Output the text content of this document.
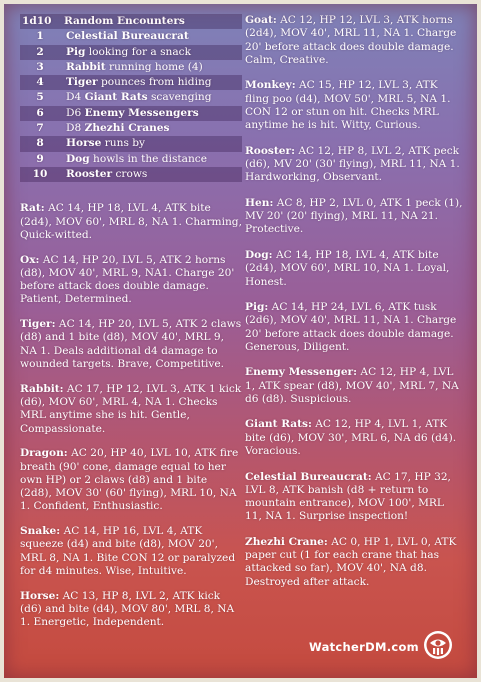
1d10	Random Encounters
1	Celestial Bureaucrat
2	Pig looking for a snack
3	Rabbit running home (4)
4	Tiger pounces from hiding
5	D4 Giant Rats scavenging
6	D6 Enemy Messengers
7	D8 Zhezhi Cranes
8	Horse runs by
9	Dog howls in the distance
10	Rooster crows

Rat: AC 14, HP 18, LVL 4, ATK bite (2d4), MOV 60', MRL 8, NA 1. Charming, Quick-witted.

Ox: AC 14, HP 20, LVL 5, ATK 2 horns (d8), MOV 40', MRL 9, NA1. Charge 20' before attack does double damage. Patient, Determined.

Tiger: AC 14, HP 20, LVL 5, ATK 2 claws (d8) and 1 bite (d8), MOV 40', MRL 9, NA 1. Deals additional d4 damage to wounded targets. Brave, Competitive.

Rabbit: AC 17, HP 12, LVL 3, ATK 1 kick (d6), MOV 60', MRL 4, NA 1. Checks MRL anytime she is hit. Gentle, Compassionate.

Dragon: AC 20, HP 40, LVL 10, ATK fire breath (90' cone, damage equal to her own HP) or 2 claws (d8) and 1 bite (2d8), MOV 30' (60' flying), MRL 10, NA 1. Confident, Enthusiastic.

Snake: AC 14, HP 16, LVL 4, ATK squeeze (d4) and bite (d8), MOV 20', MRL 8, NA 1. Bite CON 12 or paralyzed for d4 minutes. Wise, Intuitive.

Horse: AC 13, HP 8, LVL 2, ATK kick (d6) and bite (d4), MOV 80', MRL 8, NA 1. Energetic, Independent.

Goat: AC 12, HP 12, LVL 3, ATK horns (2d4), MOV 40', MRL 11, NA 1. Charge 20' before attack does double damage. Calm, Creative.

Monkey: AC 15, HP 12, LVL 3, ATK fling poo (d4), MOV 50', MRL 5, NA 1. CON 12 or stun on hit. Checks MRL anytime he is hit. Witty, Curious.

Rooster: AC 12, HP 8, LVL 2, ATK peck (d6), MV 20' (30' flying), MRL 11, NA 1. Hardworking, Observant.

Hen: AC 8, HP 2, LVL 0, ATK 1 peck (1), MV 20' (20' flying), MRL 11, NA 21. Protective.

Dog: AC 14, HP 18, LVL 4, ATK bite (2d4), MOV 60', MRL 10, NA 1. Loyal, Honest.

Pig: AC 14, HP 24, LVL 6, ATK tusk (2d6), MOV 40', MRL 11, NA 1. Charge 20' before attack does double damage. Generous, Diligent.

Enemy Messenger: AC 12, HP 4, LVL 1, ATK spear (d8), MOV 40', MRL 7, NA d6 (d8). Suspicious.

Giant Rats: AC 12, HP 4, LVL 1, ATK bite (d6), MOV 30', MRL 6, NA d6 (d4). Voracious.

Celestial Bureaucrat: AC 17, HP 32, LVL 8, ATK banish (d8 + return to mountain entrance), MOV 100', MRL 11, NA 1. Surprise inspection!

Zhezhi Crane: AC 0, HP 1, LVL 0, ATK paper cut (1 for each crane that has attacked so far), MOV 40', NA d8. Destroyed after attack.

WatcherDM.com
